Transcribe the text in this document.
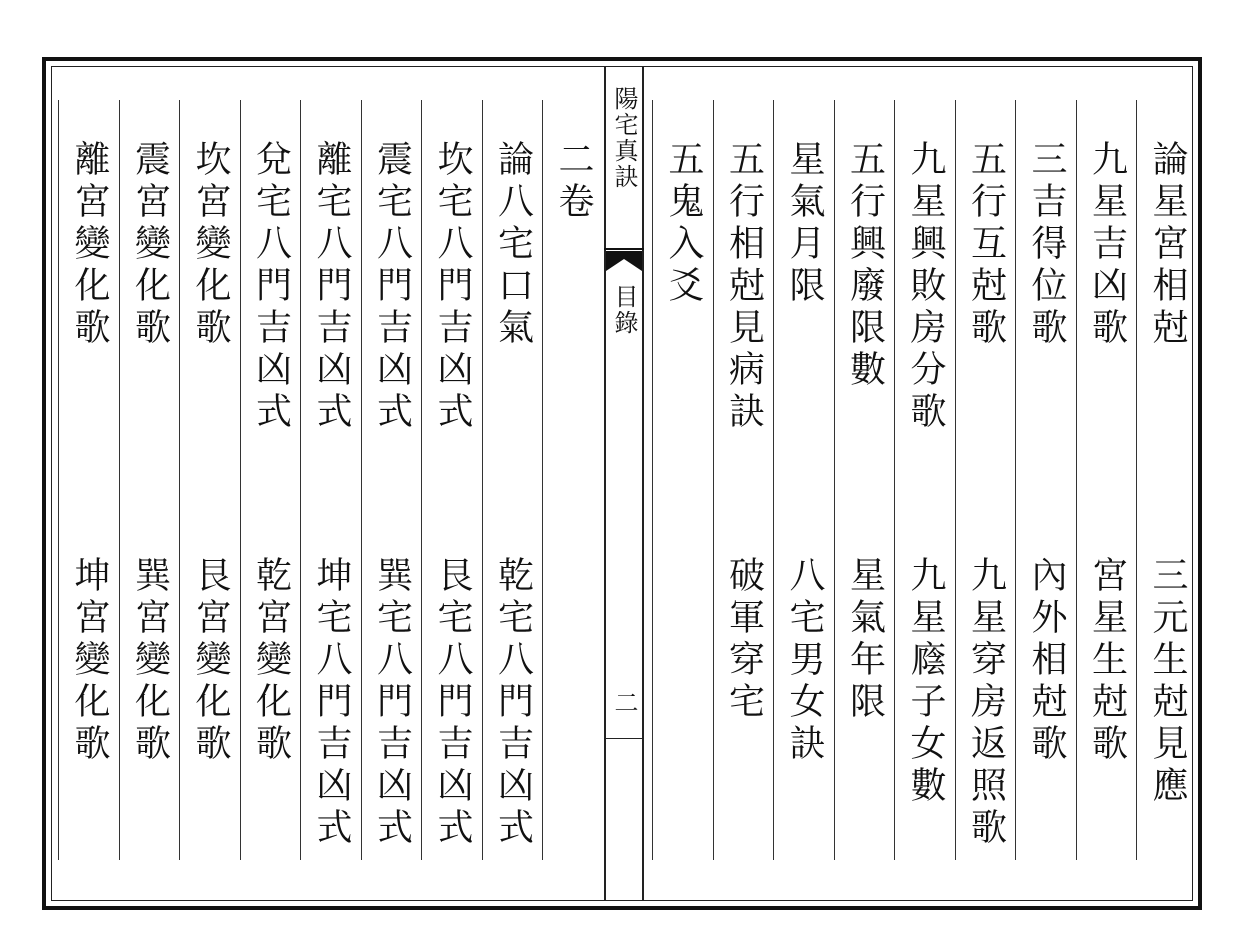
陽宅真訣
目錄
二
論星宮相尅
三元生尅見應
九星吉凶歌
宮星生尅歌
三吉得位歌
內外相尅歌
五行互尅歌
九星穿房返照歌
九星興敗房分歌
九星廕子女數
五行興廢限數
星氣年限
星氣月限
八宅男女訣
五行相尅見病訣
破軍穿宅
五鬼入爻
二卷
論八宅口氣
乾宅八門吉凶式
坎宅八門吉凶式
艮宅八門吉凶式
震宅八門吉凶式
巽宅八門吉凶式
離宅八門吉凶式
坤宅八門吉凶式
兌宅八門吉凶式
乾宮變化歌
坎宮變化歌
艮宮變化歌
震宮變化歌
巽宮變化歌
離宮變化歌
坤宮變化歌
